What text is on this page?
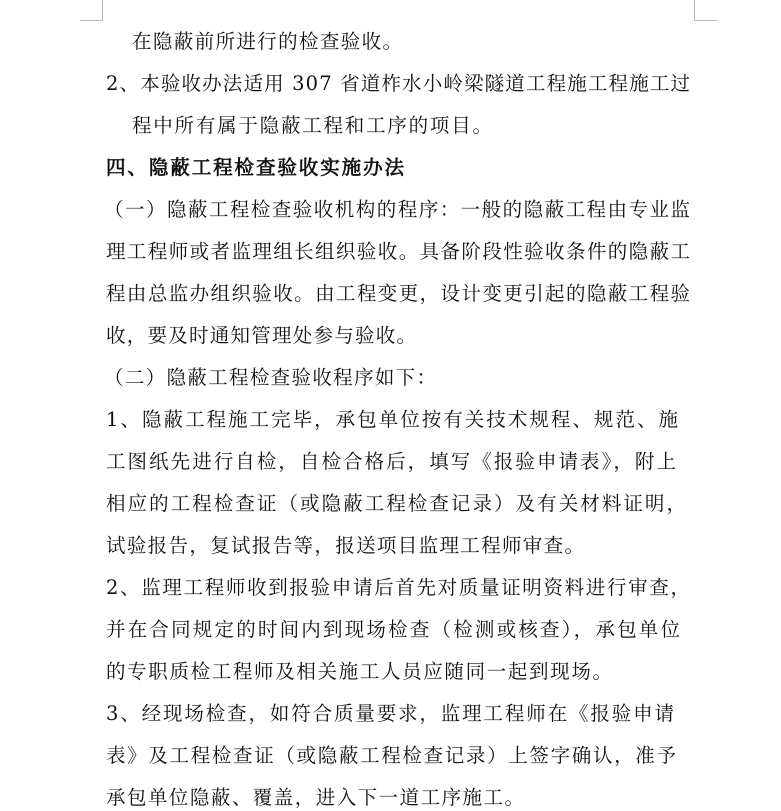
在隐蔽前所进行的检查验收。
2、本验收办法适用 307 省道柞水小岭梁隧道工程施工程施工过
程中所有属于隐蔽工程和工序的项目。
四、隐蔽工程检查验收实施办法
（一）隐蔽工程检查验收机构的程序：一般的隐蔽工程由专业监
理工程师或者监理组长组织验收。具备阶段性验收条件的隐蔽工
程由总监办组织验收。由工程变更，设计变更引起的隐蔽工程验
收，要及时通知管理处参与验收。
（二）隐蔽工程检查验收程序如下：
1、隐蔽工程施工完毕，承包单位按有关技术规程、规范、施
工图纸先进行自检，自检合格后，填写《报验申请表》，附上
相应的工程检查证（或隐蔽工程检查记录）及有关材料证明，
试验报告，复试报告等，报送项目监理工程师审查。
2、监理工程师收到报验申请后首先对质量证明资料进行审查，
并在合同规定的时间内到现场检查（检测或核查），承包单位
的专职质检工程师及相关施工人员应随同一起到现场。
3、经现场检查，如符合质量要求，监理工程师在《报验申请
表》及工程检查证（或隐蔽工程检查记录）上签字确认，准予
承包单位隐蔽、覆盖，进入下一道工序施工。
